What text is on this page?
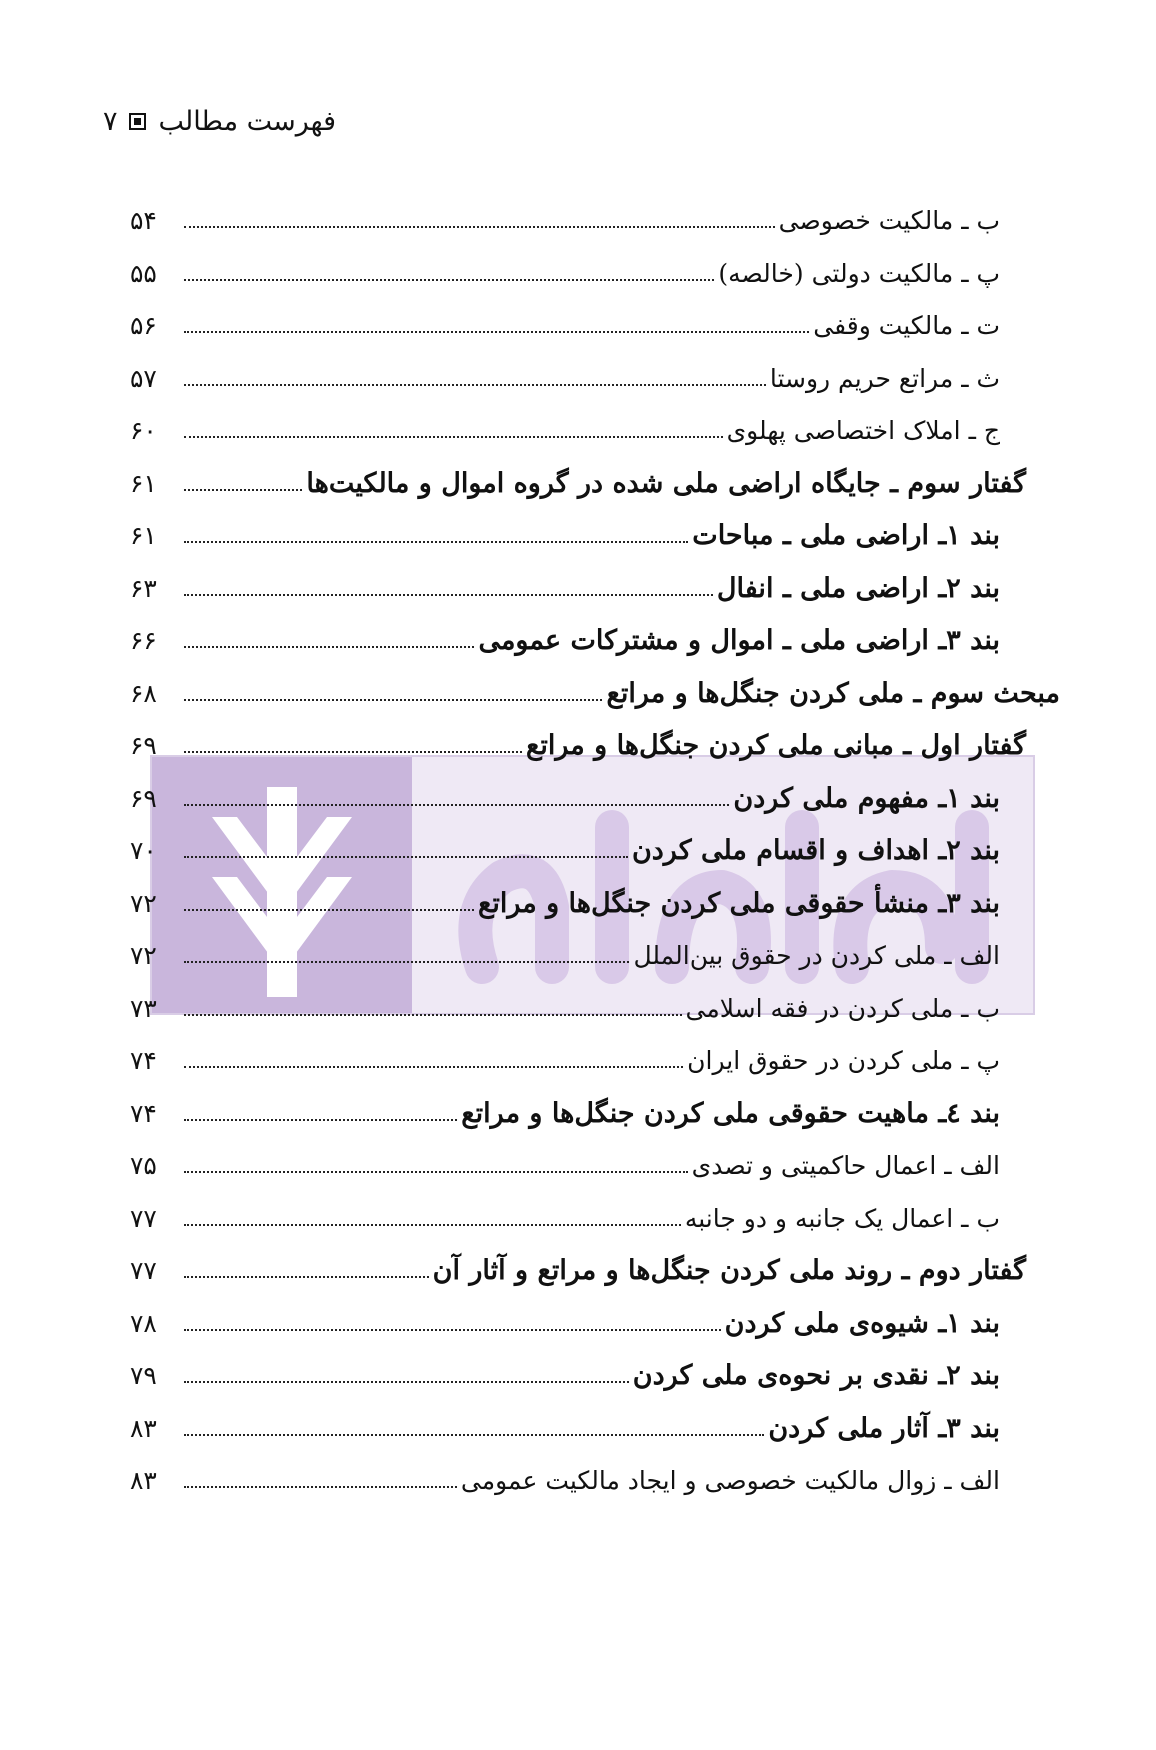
فهرست مطالب
۷
ب ـ مالکیت خصوصی
۵۴
پ ـ مالکیت دولتی (خالصه)
۵۵
ت ـ مالکیت وقفی
۵۶
ث ـ مراتع حریم روستا
۵۷
ج ـ املاک اختصاصی پهلوی
۶۰
گفتار سوم ـ جایگاه اراضی ملی شده در گروه اموال و مالکیت‌ها
۶۱
بند ۱ـ اراضی ملی ـ مباحات
۶۱
بند ۲ـ اراضی ملی ـ انفال
۶۳
بند ۳ـ اراضی ملی ـ اموال و مشترکات عمومی
۶۶
مبحث سوم ـ ملی کردن جنگل‌ها و مراتع
۶۸
گفتار اول ـ مبانی ملی کردن جنگل‌ها و مراتع
۶۹
بند ۱ـ مفهوم ملی کردن
۶۹
بند ۲ـ اهداف و اقسام ملی کردن
۷۰
بند ۳ـ منشأ حقوقی ملی کردن جنگل‌ها و مراتع
۷۲
الف ـ ملی کردن در حقوق بین‌الملل
۷۲
ب ـ ملی کردن در فقه اسلامی
۷۳
پ ـ ملی کردن در حقوق ایران
۷۴
بند ٤ـ ماهیت حقوقی ملی کردن جنگل‌ها و مراتع
۷۴
الف ـ اعمال حاکمیتی و تصدی
۷۵
ب ـ اعمال یک جانبه و دو جانبه
۷۷
گفتار دوم ـ روند ملی کردن جنگل‌ها و مراتع و آثار آن
۷۷
بند ۱ـ شیوه‌ی ملی کردن
۷۸
بند ۲ـ نقدی بر نحوه‌ی ملی کردن
۷۹
بند ۳ـ آثار ملی کردن
۸۳
الف ـ زوال مالکیت خصوصی و ایجاد مالکیت عمومی
۸۳
